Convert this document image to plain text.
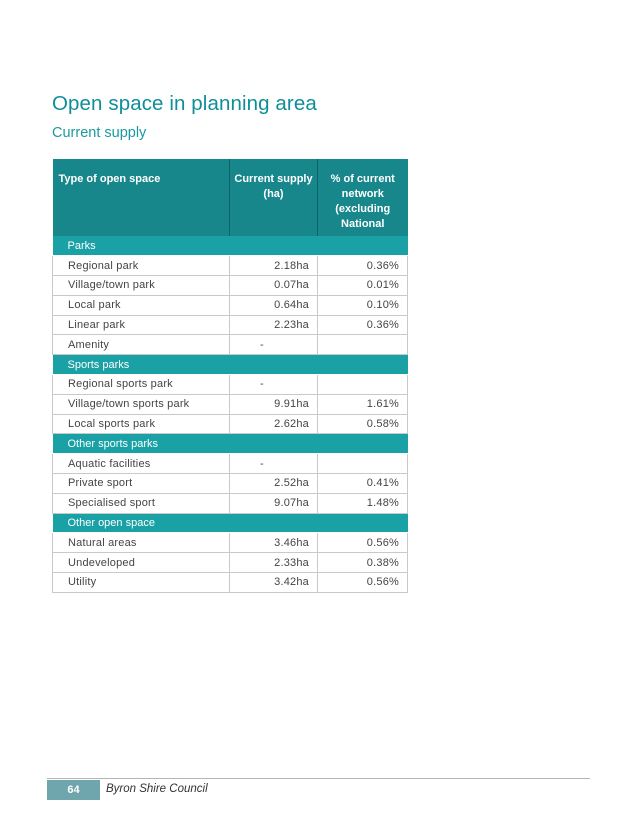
Open space in planning area
Current supply
Type of open space	Current supply (ha)	% of current network (excluding National
Parks		
Regional park	2.18ha	0.36%
Village/town park	0.07ha	0.01%
Local park	0.64ha	0.10%
Linear park	2.23ha	0.36%
Amenity	-	
Sports parks		
Regional sports park	-	
Village/town sports park	9.91ha	1.61%
Local sports park	2.62ha	0.58%
Other sports parks		
Aquatic facilities	-	
Private sport	2.52ha	0.41%
Specialised sport	9.07ha	1.48%
Other open space		
Natural areas	3.46ha	0.56%
Undeveloped	2.33ha	0.38%
Utility	3.42ha	0.56%
64	Byron Shire Council
